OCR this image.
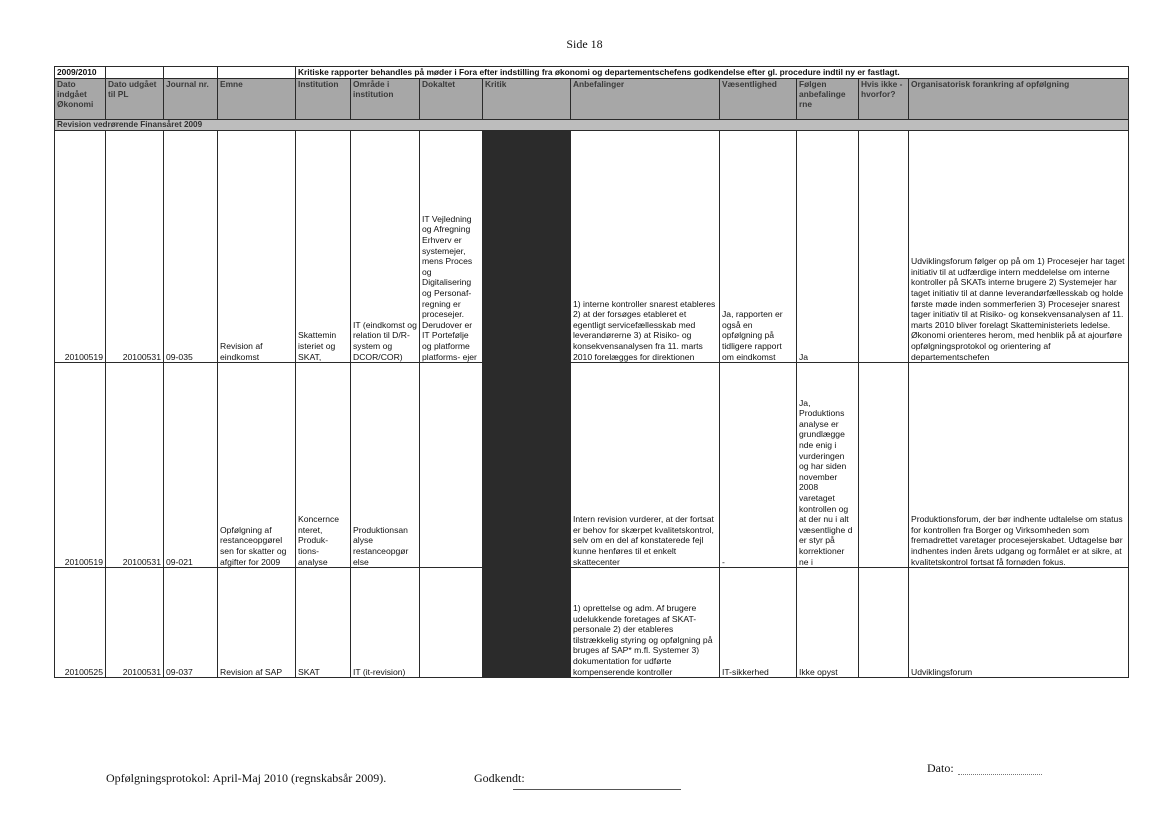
Side 18
2009/2010				Kritiske rapporter behandles på møder i Fora efter indstilling fra økonomi og departementschefens godkendelse efter gl. procedure indtil ny er fastlagt.								
Dato indgået Økonomi	Dato udgået til PL	Journal nr.	Emne	Institution	Område i institution	Dokaltet	Kritik	Anbefalinger	Væsentlighed	Følgen anbefalinge rne	Hvis ikke - hvorfor?	Organisatorisk forankring af opfølgning
Revision vedrørende Finansåret 2009												
20100519	20100531	09-035	Revision af eindkomst	Skattemin isteriet og SKAT,	IT (eindkomst og relation til D/R-system og DCOR/COR)	IT Vejledning og Afregning Erhverv er systemejer, mens Proces og Digitalisering og Personaf- regning er procesejer. Derudover er IT Portefølje og platforme platforms- ejer		1) interne kontroller snarest etableres 2) at der forsøges etableret et egentligt servicefællesskab med leverandørerne 3) at Risiko- og konsekvensanalysen fra 11. marts 2010 forelægges for direktionen	Ja, rapporten er også en opfølgning på tidligere rapport om eindkomst	Ja		Udviklingsforum følger op på om 1) Procesejer har taget initiativ til at udfærdige intern meddelelse om interne kontroller på SKATs interne brugere 2) Systemejer har taget initiativ til at danne leverandørfællesskab og holde første møde inden sommerferien 3) Procesejer snarest tager initiativ til at Risiko- og konsekvensanalysen af 11. marts 2010 bliver forelagt Skatteministeriets ledelse. Økonomi orienteres herom, med henblik på at ajourføre opfølgningsprotokol og orientering af departementschefen
20100519	20100531	09-021	Opfølgning af restanceopgørel sen for skatter og afgifter for 2009	Koncernce nteret, Produk- tions- analyse	Produktionsan alyse restanceopgør else			Intern revision vurderer, at der fortsat er behov for skærpet kvalitetskontrol, selv om en del af konstaterede fejl kunne henføres til et enkelt skattecenter	-	Ja, Produktions analyse er grundlægge nde enig i vurderingen og har siden november 2008 varetaget kontrollen og at der nu i alt væsentlighe d er styr på korrektioner ne i		Produktionsforum, der bør indhente udtalelse om status for kontrollen fra Borger og Virksomheden som fremadrettet varetager procesejerskabet. Udtagelse bør indhentes inden årets udgang og formålet er at sikre, at kvalitetskontrol fortsat få fornøden fokus.
20100525	20100531	09-037	Revision af SAP	SKAT	IT (it-revision)			1) oprettelse og adm. Af brugere udelukkende foretages af SKAT-personale 2) der etableres tilstrækkelig styring og opfølgning på bruges af SAP* m.fl. Systemer 3) dokumentation for udførte kompenserende kontroller	IT-sikkerhed	Ikke opyst		Udviklingsforum
Opfølgningsprotokol: April-Maj 2010 (regnskabsår 2009).	Godkendt:
Dato:
